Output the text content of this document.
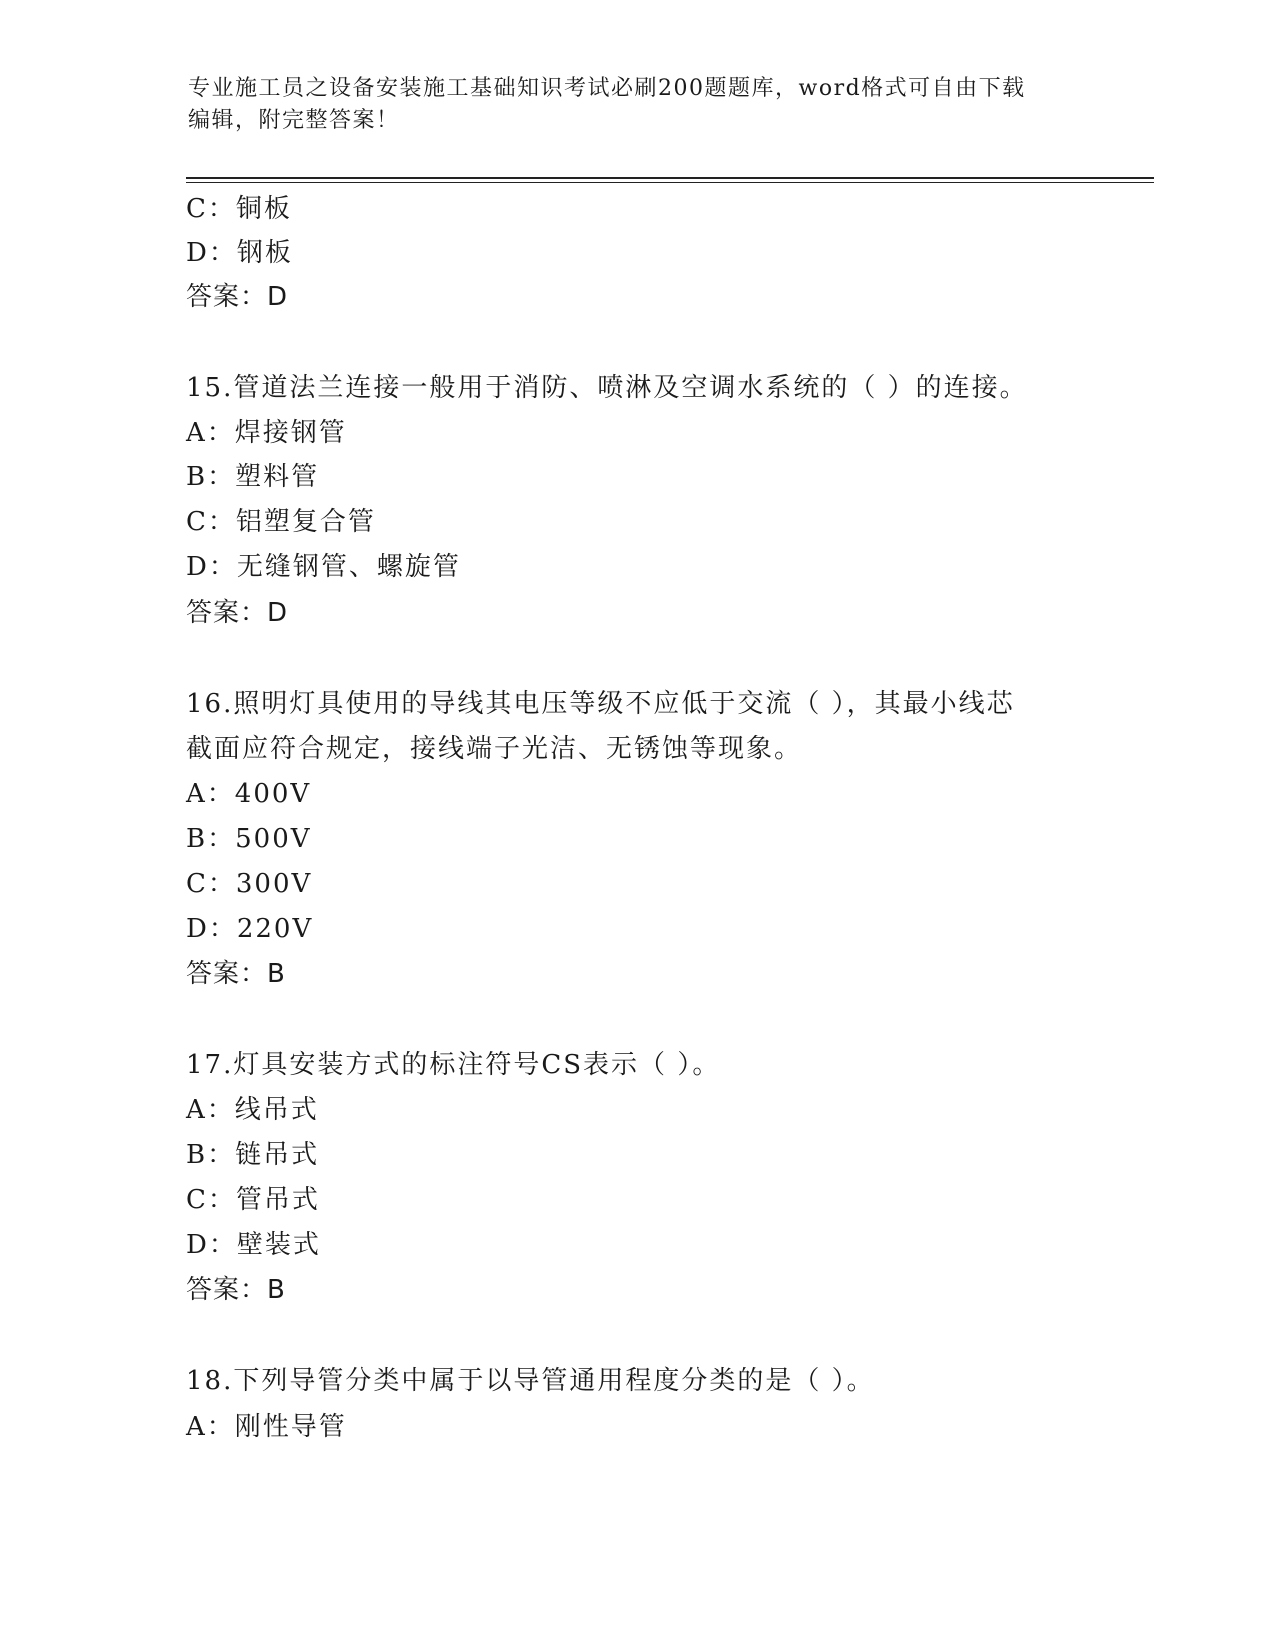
专业施工员之设备安装施工基础知识考试必刷200题题库，word格式可自由下载
编辑，附完整答案！
C：铜板
D：钢板
答案：D
15.管道法兰连接一般用于消防、喷淋及空调水系统的（ ）的连接。
A：焊接钢管
B：塑料管
C：铝塑复合管
D：无缝钢管、螺旋管
答案：D
16.照明灯具使用的导线其电压等级不应低于交流（ ），其最小线芯
截面应符合规定，接线端子光洁、无锈蚀等现象。
A：400V
B：500V
C：300V
D：220V
答案：B
17.灯具安装方式的标注符号CS表示（ ）。
A：线吊式
B：链吊式
C：管吊式
D：壁装式
答案：B
18.下列导管分类中属于以导管通用程度分类的是（ ）。
A：刚性导管
